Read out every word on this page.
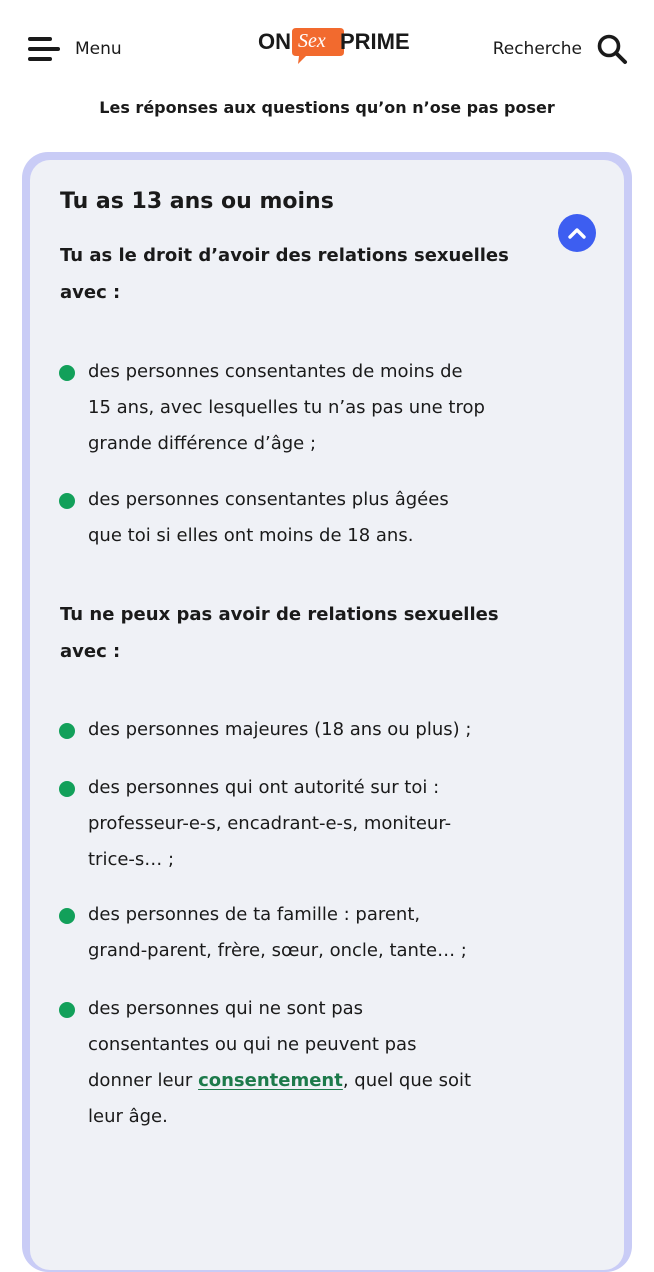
Menu	ON Sex PRIME	Recherche
Les réponses aux questions qu’on n’ose pas poser
Tu as 13 ans ou moins

Tu as le droit d’avoir des relations sexuelles
avec :

des personnes consentantes de moins de
15 ans, avec lesquelles tu n’as pas une trop
grande différence d’âge ;
des personnes consentantes plus âgées
que toi si elles ont moins de 18 ans.

Tu ne peux pas avoir de relations sexuelles
avec :

des personnes majeures (18 ans ou plus) ;
des personnes qui ont autorité sur toi :
professeur-e-s, encadrant-e-s, moniteur-
trice-s… ;
des personnes de ta famille : parent,
grand-parent, frère, sœur, oncle, tante… ;
des personnes qui ne sont pas
consentantes ou qui ne peuvent pas
donner leur consentement, quel que soit
leur âge.
